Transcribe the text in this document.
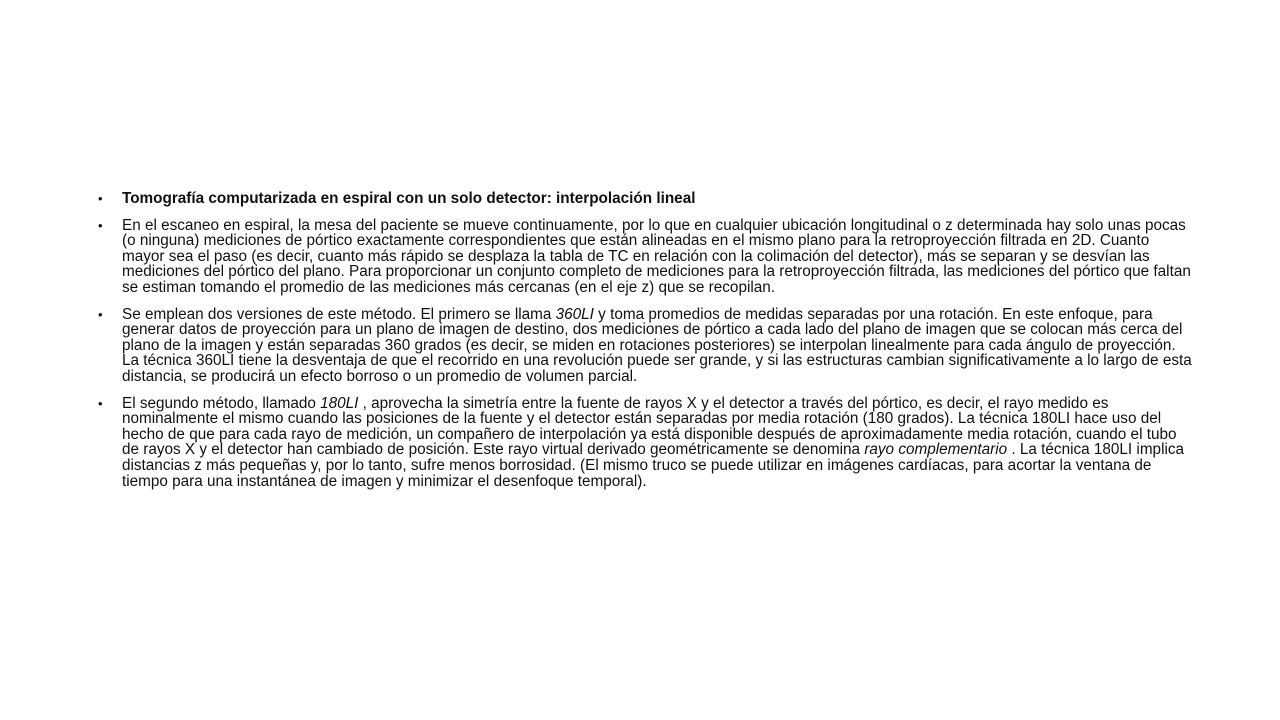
• Tomografía computarizada en espiral con un solo detector: interpolación lineal
• En el escaneo en espiral, la mesa del paciente se mueve continuamente, por lo que en cualquier ubicación longitudinal o z determinada hay solo unas pocas (o ninguna) mediciones de pórtico exactamente correspondientes que están alineadas en el mismo plano para la retroproyección filtrada en 2D. Cuanto mayor sea el paso (es decir, cuanto más rápido se desplaza la tabla de TC en relación con la colimación del detector), más se separan y se desvían las mediciones del pórtico del plano. Para proporcionar un conjunto completo de mediciones para la retroproyección filtrada, las mediciones del pórtico que faltan se estiman tomando el promedio de las mediciones más cercanas (en el eje z) que se recopilan.
• Se emplean dos versiones de este método. El primero se llama 360LI y toma promedios de medidas separadas por una rotación. En este enfoque, para generar datos de proyección para un plano de imagen de destino, dos mediciones de pórtico a cada lado del plano de imagen que se colocan más cerca del plano de la imagen y están separadas 360 grados (es decir, se miden en rotaciones posteriores) se interpolan linealmente para cada ángulo de proyección. La técnica 360LI tiene la desventaja de que el recorrido en una revolución puede ser grande, y si las estructuras cambian significativamente a lo largo de esta distancia, se producirá un efecto borroso o un promedio de volumen parcial.
• El segundo método, llamado 180LI , aprovecha la simetría entre la fuente de rayos X y el detector a través del pórtico, es decir, el rayo medido es nominalmente el mismo cuando las posiciones de la fuente y el detector están separadas por media rotación (180 grados). La técnica 180LI hace uso del hecho de que para cada rayo de medición, un compañero de interpolación ya está disponible después de aproximadamente media rotación, cuando el tubo de rayos X y el detector han cambiado de posición. Este rayo virtual derivado geométricamente se denomina rayo complementario . La técnica 180LI implica distancias z más pequeñas y, por lo tanto, sufre menos borrosidad. (El mismo truco se puede utilizar en imágenes cardíacas, para acortar la ventana de tiempo para una instantánea de imagen y minimizar el desenfoque temporal).
